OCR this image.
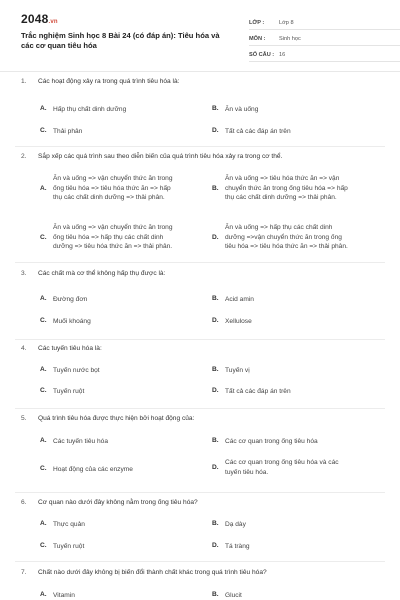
2048.vn
Trắc nghiệm Sinh học 8 Bài 24 (có đáp án): Tiêu hóa và các cơ quan tiêu hóa
LỚP :	Lớp 8
MÔN :	Sinh học
SỐ CÂU : 16
1. Các hoạt động xảy ra trong quá trình tiêu hóa là:
A. Hấp thụ chất dinh dưỡng	B. Ăn và uống
C. Thải phân	D. Tất cả các đáp án trên
2. Sắp xếp các quá trình sau theo diễn biến của quá trình tiêu hóa xảy ra trong cơ thể.
A.
Ăn và uống => vận chuyển thức ăn trong
ống tiêu hóa => tiêu hóa thức ăn => hấp
thụ các chất dinh dưỡng => thải phân.
B.
Ăn và uống => tiêu hóa thức ăn => vận
chuyển thức ăn trong ống tiêu hóa => hấp
thụ các chất dinh dưỡng => thải phân.
C.
Ăn và uống => vận chuyển thức ăn trong
ống tiêu hóa => hấp thụ các chất dinh
dưỡng => tiêu hóa thức ăn => thải phân.
D.
Ăn và uống => hấp thụ các chất dinh
dưỡng =>vận chuyển thức ăn trong ống
tiêu hóa => tiêu hóa thức ăn => thải phân.
3. Các chất mà cơ thể không hấp thụ được là:
A. Đường đơn	B. Acid amin
C. Muối khoáng	D. Xellulose
4. Các tuyến tiêu hóa là:
A. Tuyến nước bọt	B. Tuyến vị
C. Tuyến ruột	D. Tất cả các đáp án trên
5. Quá trình tiêu hóa được thực hiện bởi hoạt động của:
A. Các tuyến tiêu hóa	B. Các cơ quan trong ống tiêu hóa
C. Hoạt động của các enzyme	D.
Các cơ quan trong ống tiêu hóa và các
tuyến tiêu hóa.
6. Cơ quan nào dưới đây không nằm trong ống tiêu hóa?
A. Thực quản	B. Dạ dày
C. Tuyến ruột	D. Tá tràng
7. Chất nào dưới đây không bị biến đổi thành chất khác trong quá trình tiêu hóa?
A. Vitamin	B. Glucit
